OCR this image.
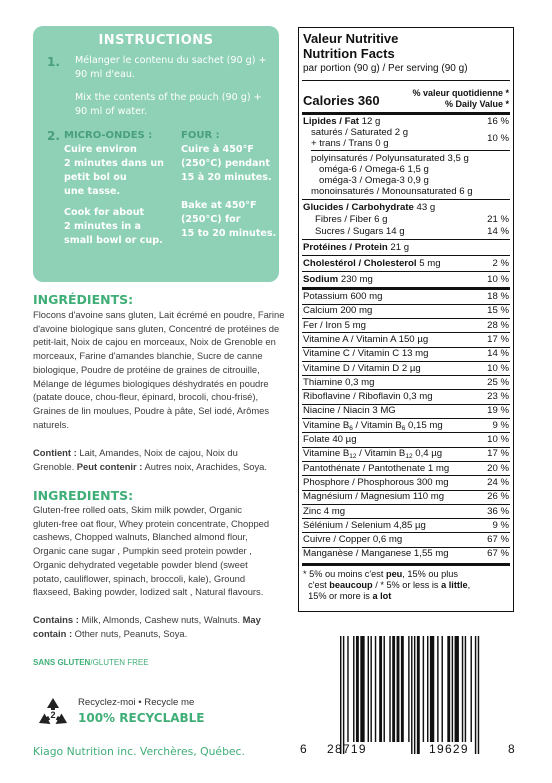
INSTRUCTIONS
1. Mélanger le contenu du sachet (90 g) +
90 ml d'eau.
Mix the contents of the pouch (90 g) +
90 ml of water.
2. MICRO-ONDES :
Cuire environ
2 minutes dans un
petit bol ou
une tasse.
Cook for about
2 minutes in a
small bowl or cup.
FOUR :
Cuire à 450°F
(250°C) pendant
15 à 20 minutes.
Bake at 450°F
(250°C) for
15 to 20 minutes.
INGRÉDIENTS:
Flocons d'avoine sans gluten, Lait écrémé en poudre, Farine
d'avoine biologique sans gluten, Concentré de protéines de
petit-lait, Noix de cajou en morceaux, Noix de Grenoble en
morceaux, Farine d'amandes blanchie, Sucre de canne
biologique, Poudre de protéine de graines de citrouille,
Mélange de légumes biologiques déshydratés en poudre
(patate douce, chou-fleur, épinard, brocoli, chou-frisé),
Graines de lin moulues, Poudre à pâte, Sel iodé, Arômes
naturels.
Contient : Lait, Amandes, Noix de cajou, Noix du
Grenoble. Peut contenir : Autres noix, Arachides, Soya.
INGREDIENTS:
Gluten-free rolled oats, Skim milk powder, Organic
gluten-free oat flour, Whey protein concentrate, Chopped
cashews, Chopped walnuts, Blanched almond flour,
Organic cane sugar , Pumpkin seed protein powder ,
Organic dehydrated vegetable powder blend (sweet
potato, cauliflower, spinach, broccoli, kale), Ground
flaxseed, Baking powder, Iodized salt , Natural flavours.
Contains : Milk, Almonds, Cashew nuts, Walnuts. May
contain : Other nuts, Peanuts, Soya.
SANS GLUTEN/GLUTEN FREE
2
Recyclez-moi • Recycle me
100% RECYCLABLE
Kiago Nutrition inc. Verchères, Québec.
Valeur Nutritive
Nutrition Facts
par portion (90 g) / Per serving (90 g)
Calories 360	% valeur quotidienne *
% Daily Value *
Lipides / Fat 12 g	16 %
saturés / Saturated 2 g
+ trans / Trans 0 g	10 %
polyinsaturés / Polyunsaturated 3,5 g
oméga-6 / Omega-6 1,5 g
oméga-3 / Omega-3 0,9 g
monoinsaturés / Monounsaturated 6 g
Glucides / Carbohydrate 43 g
Fibres / Fiber 6 g	21 %
Sucres / Sugars 14 g	14 %
Protéines / Protein 21 g
Cholestérol / Cholesterol 5 mg	2 %
Sodium 230 mg	10 %
Potassium 600 mg	18 %
Calcium 200 mg	15 %
Fer / Iron 5 mg	28 %
Vitamine A / Vitamin A 150 µg	17 %
Vitamine C / Vitamin C 13 mg	14 %
Vitamine D / Vitamin D 2 µg	10 %
Thiamine 0,3 mg	25 %
Riboflavine / Riboflavin 0,3 mg	23 %
Niacine / Niacin 3 MG	19 %
Vitamine $B_6$ / Vitamin $B_6$ 0,15 mg	9 %
Folate 40 µg	10 %
Vitamine $B_{12}$ / Vitamin $B_{12}$ 0,4 µg	17 %
Pantothénate / Pantothenate 1 mg	20 %
Phosphore / Phosphorous 300 mg	24 %
Magnésium / Magnesium 110 mg	26 %
Zinc 4 mg	36 %
Sélénium / Selenium 4,85 µg	9 %
Cuivre / Copper 0,6 mg	67 %
Manganèse / Manganese 1,55 mg	67 %
* 5% ou moins c'est peu, 15% ou plus
c'est beaucoup / * 5% or less is a little,
15% or more is a lot
6 28719	19629	8
